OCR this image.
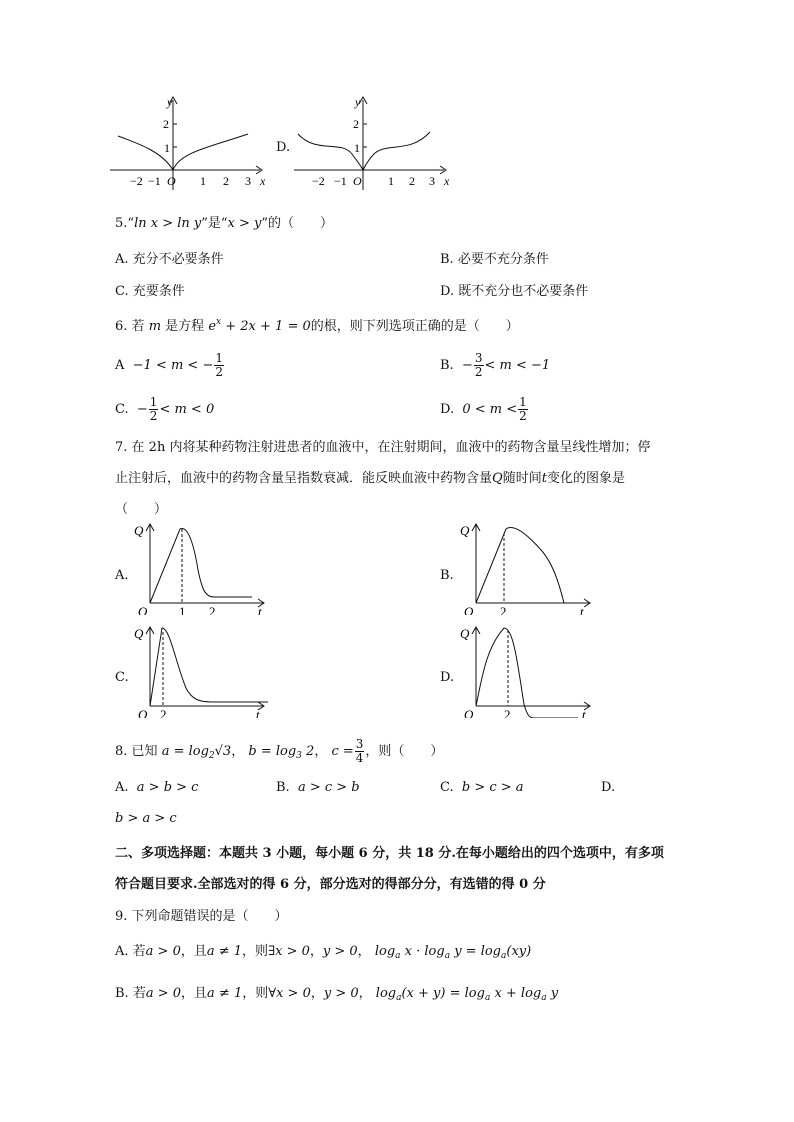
x
y
−2 −1 O 1 2 3
2
1	D.
x
y
−2 −1 O 1 2 3
2
1
5.“ln x > ln y”是“x > y”的（　　）
A. 充分不必要条件	B. 必要不充分条件
C. 充要条件	D. 既不充分也不必要条件
6. 若 m 是方程 $e^x + 2x + 1 = 0$的根，则下列选项正确的是（　　）
A −1 < m < − $\frac{1}{2}$	B.  − $\frac{3}{2} < m < -1$
C.  − $\frac{1}{2} < m < 0$	D. $0 < m < \frac{1}{2}$
7. 在 2h 内将某种药物注射进患者的血液中，在注射期间，血液中的药物含量呈线性增加；停
止注射后，血液中的药物含量呈指数衰减．能反映血液中药物含量Q随时间t变化的图象是
（　　）
A.
Q
O	t
1 2
B.
Q
O	t
2
C.
Q
O	t
2
D.
Q
O	t
2
8. 已知 $a = \log_2√3$， $b = \log_3 2$， $c = \frac{3}{4}$ ，则（　　）
A. a > b > c	B. a > c > b	C. b > c > a	D.
b > a > c
二、多项选择题：本题共 3 小题，每小题 6 分，共 18 分.在每小题给出的四个选项中，有多项
符合题目要求.全部选对的得 6 分，部分选对的得部分分，有选错的得 0 分
9. 下列命题错误的是（　　）
A. 若a > 0，且a ≠ 1，则∃x > 0，y > 0， $\log_a x \cdot \log_a y = \log_a(xy)$
B. 若a > 0，且a ≠ 1，则∀x > 0，y > 0， $\log_a(x + y) = \log_a x + \log_a y$
